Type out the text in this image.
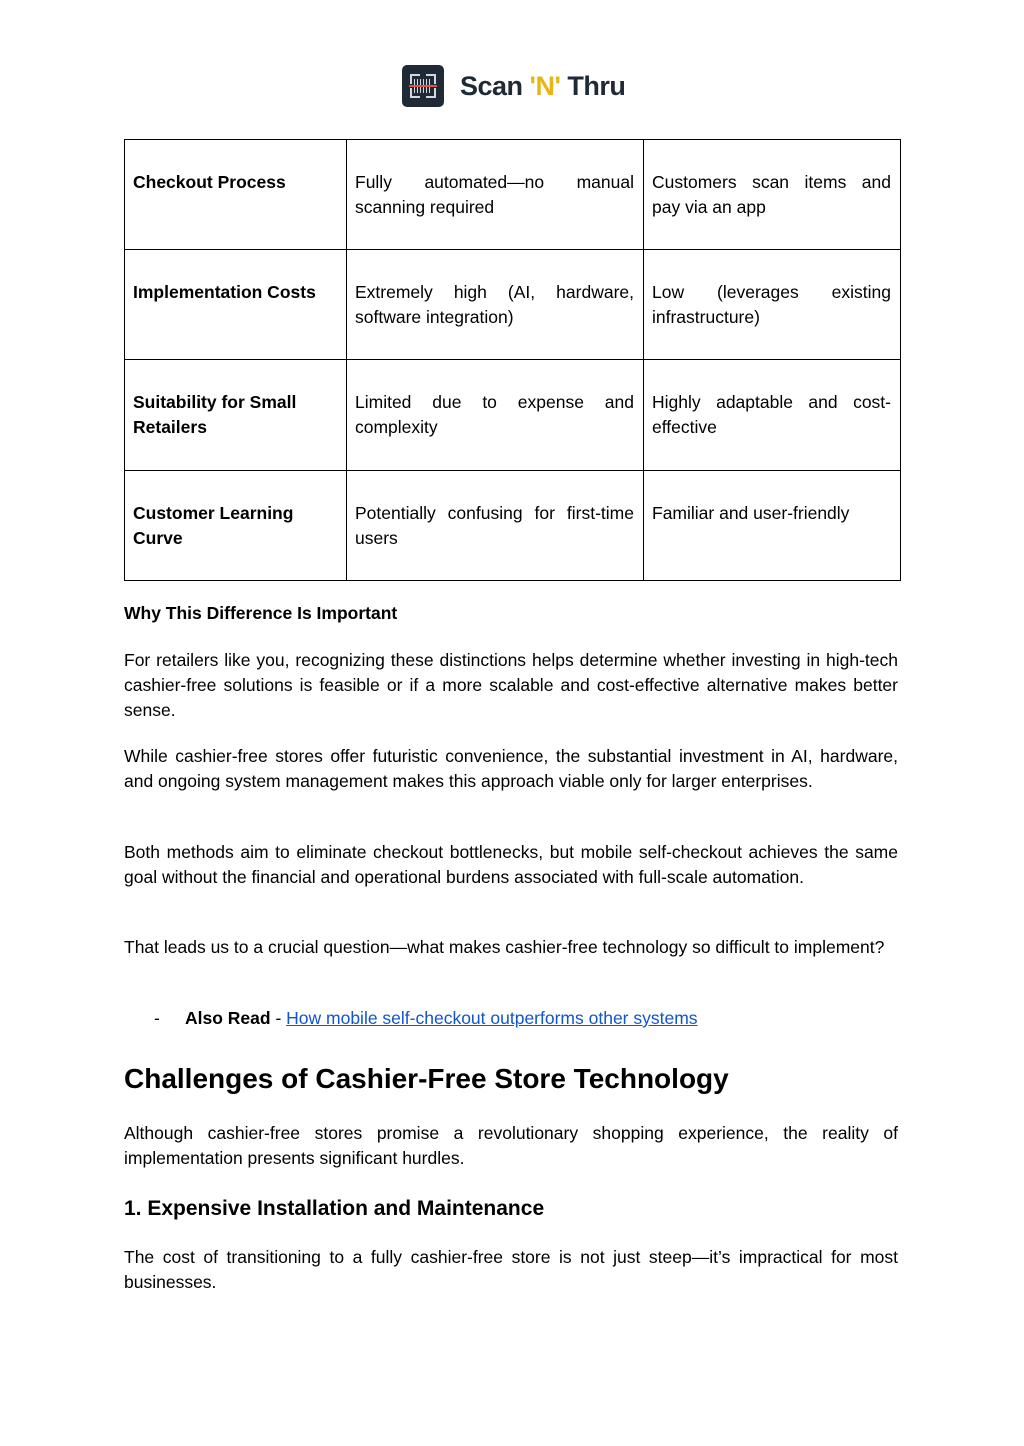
Scan 'N' Thru
Checkout Process	Fully automated—no manual scanning required	Customers scan items and pay via an app
Implementation Costs	Extremely high (AI, hardware, software integration)	Low (leverages existing infrastructure)
Suitability for Small Retailers	Limited due to expense and complexity	Highly adaptable and cost-effective
Customer Learning Curve	Potentially confusing for first-time users	Familiar and user-friendly
Why This Difference Is Important
For retailers like you, recognizing these distinctions helps determine whether investing in high-tech cashier-free solutions is feasible or if a more scalable and cost-effective alternative makes better sense.
While cashier-free stores offer futuristic convenience, the substantial investment in AI, hardware, and ongoing system management makes this approach viable only for larger enterprises.
Both methods aim to eliminate checkout bottlenecks, but mobile self-checkout achieves the same goal without the financial and operational burdens associated with full-scale automation.
That leads us to a crucial question—what makes cashier-free technology so difficult to implement?
- Also Read - How mobile self-checkout outperforms other systems
Challenges of Cashier-Free Store Technology
Although cashier-free stores promise a revolutionary shopping experience, the reality of implementation presents significant hurdles.
1. Expensive Installation and Maintenance
The cost of transitioning to a fully cashier-free store is not just steep—it’s impractical for most businesses.
